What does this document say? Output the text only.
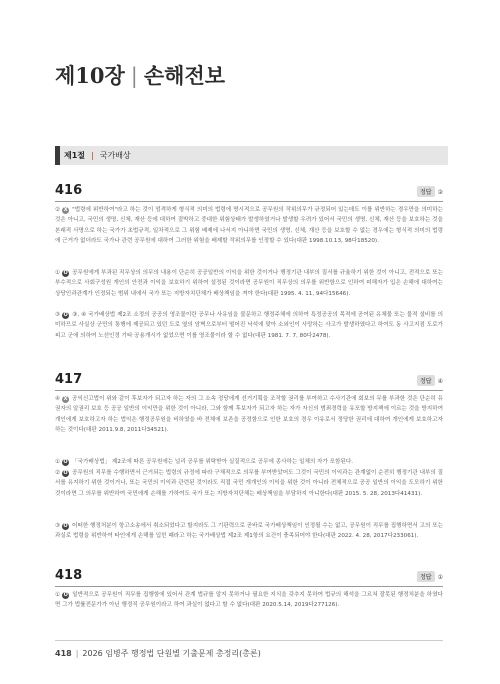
제10장 | 손해전보
제1절 | 국가배상
416	정답 ②

② X "법령에 위반하여"라고 하는 것이 엄격하게 형식적 의미의 법령에 명시적으로 공무원의 작위의무가 규정되어 있는데도 이를 위반하는 경우만을 의미하는 것은 아니고, 국민의 생명, 신체, 재산 등에 대하여 절박하고 중대한 위험상태가 발생하였거나 발생할 우려가 있어서 국민의 생명, 신체, 재산 등을 보호하는 것을 본래적 사명으로 하는 국가가 초법규적, 일차적으로 그 위험 배제에 나서지 아니하면 국민의 생명, 신체, 재산 등을 보호할 수 없는 경우에는 형식적 의미의 법령에 근거가 없더라도 국가나 관련 공무원에 대하여 그러한 위험을 배제할 작위의무를 인정할 수 있다(대판 1998.10.13, 98다18520).

① O 공무원에게 부과된 직무상의 의무의 내용이 단순히 공공일반의 이익을 위한 것이거나 행정기관 내부의 질서를 규율하기 위한 것이 아니고, 전적으로 또는 부수적으로 사회구성원 개인의 안전과 이익을 보호하기 위하여 설정된 것이라면 공무원이 직무상의 의무를 위반함으로 인하여 피해자가 입은 손해에 대하여는 상당인과관계가 인정되는 범위 내에서 국가 또는 지방자치단체가 배상책임을 져야 한다(대판 1995. 4. 11, 94다15646).

③ O ③, ④ 국가배상법 제2조 소정의 공공의 영조물이란 공무나 사유임을 불문하고 행정주체에 의하여 특정공공의 목적에 공여된 유체물 또는 물적 설비를 의미하므로 사실상 군민의 통행에 제공되고 있던 도로 옆의 암벽으로부터 떨어진 낙석에 맞아 소외인이 사망하는 사고가 발생하였다고 하여도 동 사고지점 도로가 피고 군에 의하여 노선인정 기타 공용개시가 없었으면 이를 영조물이라 할 수 없다(대판 1981. 7. 7, 80다2478).

417	정답 ④

④ X 공익신고법이 위와 같이 후보자가 되고자 하는 자의 그 소속 정당에게 선거기획을 조작할 권리를 부여하고 수사기관에 회보의 무를 부과한 것은 단순히 유권자의 알권리 보호 등 공공 일반의 이익만을 위한 것이 아니라, 그와 함께 후보자가 되고자 하는 자가 자신의 범죄경력을 유포할 방지책에 이르는 것을 방지하여 개인에게 보호하고자 하는 법익은 행정공무원을 비하였을 바 전체에 보존을 공정함으로 인한 보호의 경우 이유로서 정당한 권리에 대하여 개인에게 보호하고자 하는 것이다(대판 2011.9.8, 2011다34521).

① O 「국가배상법」 제2조에 따른 공무원에는 널리 공무를 위탁받아 실질적으로 공무에 종사하는 일체의 자가 포함된다.

② O 공무원의 직무를 수행하면서 근거되는 법령의 규정에 따라 구체적으로 의무를 부여받았어도 그것이 국민의 이익과는 관계없이 순전히 행정기관 내부의 질서를 유지하기 위한 것이거나, 또는 국민의 이익과 관련된 것이라도 직접 국민 개개인의 이익을 위한 것이 아니라 전체적으로 공공 일반의 이익을 도모하기 위한 것이라면 그 의무를 위반하여 국민에게 손해를 가하여도 국가 또는 지방자치단체는 배상책임을 부담하지 아니한다(대판 2015. 5. 28, 2013다41431).

③ O 어떠한 행정처분이 항고소송에서 취소되었다고 할지라도 그 기판력으로 곧바로 국가배상책임이 인정될 수는 없고, 공무원이 직무를 집행하면서 고의 또는 과실로 법령을 위반하여 타인에게 손해를 입힌 때라고 하는 국가배상법 제2조 제1항의 요건이 충족되어야 한다(대판 2022. 4. 28, 2017다233061).

418	정답 ①

① O 일반적으로 공무원이 직무를 집행함에 있어서 관계 법규를 알지 못하거나 필요한 지식을 갖추지 못하여 법규의 해석을 그르쳐 잘못된 행정처분을 하였다면 그가 법률전문가가 아닌 행정직 공무원이라고 하여 과실이 없다고 할 수 없다(대판 2020.5.14, 2019다277126).

418 | 2026 임병주 행정법 단원별 기출문제 총정리(총론)
